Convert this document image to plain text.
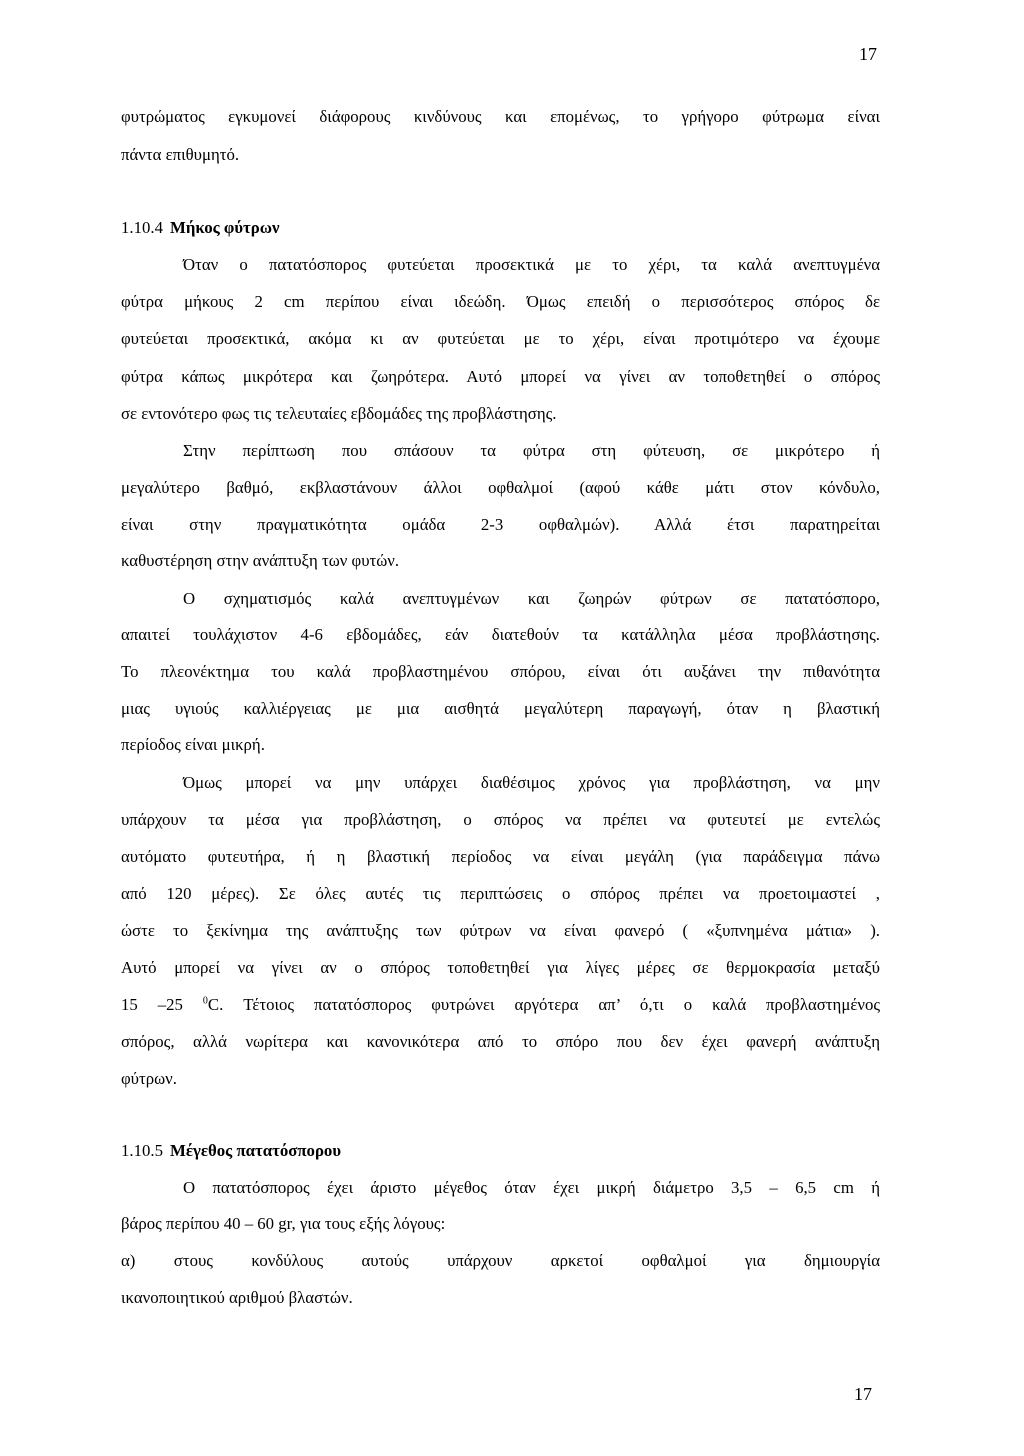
17
φυτρώματος εγκυμονεί διάφορους κινδύνους και επομένως, το γρήγορο φύτρωμα είναι
πάντα επιθυμητό.
1.10.4 Μήκος φύτρων
Όταν ο πατατόσπορος φυτεύεται προσεκτικά με το χέρι, τα καλά ανεπτυγμένα
φύτρα μήκους 2 cm περίπου είναι ιδεώδη. Όμως επειδή ο περισσότερος σπόρος δε
φυτεύεται προσεκτικά, ακόμα κι αν φυτεύεται με το χέρι, είναι προτιμότερο να έχουμε
φύτρα κάπως μικρότερα και ζωηρότερα. Αυτό μπορεί να γίνει αν τοποθετηθεί ο σπόρος
σε εντονότερο φως τις τελευταίες εβδομάδες της προβλάστησης.
Στην περίπτωση που σπάσουν τα φύτρα στη φύτευση, σε μικρότερο ή
μεγαλύτερο βαθμό, εκβλαστάνουν άλλοι οφθαλμοί (αφού κάθε μάτι στον κόνδυλο,
είναι στην πραγματικότητα ομάδα 2-3 οφθαλμών). Αλλά έτσι παρατηρείται
καθυστέρηση στην ανάπτυξη των φυτών.
Ο σχηματισμός καλά ανεπτυγμένων και ζωηρών φύτρων σε πατατόσπορο,
απαιτεί τουλάχιστον 4-6 εβδομάδες, εάν διατεθούν τα κατάλληλα μέσα προβλάστησης.
Το πλεονέκτημα του καλά προβλαστημένου σπόρου, είναι ότι αυξάνει την πιθανότητα
μιας υγιούς καλλιέργειας με μια αισθητά μεγαλύτερη παραγωγή, όταν η βλαστική
περίοδος είναι μικρή.
Όμως μπορεί να μην υπάρχει διαθέσιμος χρόνος για προβλάστηση, να μην
υπάρχουν τα μέσα για προβλάστηση, ο σπόρος να πρέπει να φυτευτεί με εντελώς
αυτόματο φυτευτήρα, ή η βλαστική περίοδος να είναι μεγάλη (για παράδειγμα πάνω
από 120 μέρες). Σε όλες αυτές τις περιπτώσεις ο σπόρος πρέπει να προετοιμαστεί ,
ώστε το ξεκίνημα της ανάπτυξης των φύτρων να είναι φανερό ( «ξυπνημένα μάτια» ).
Αυτό μπορεί να γίνει αν ο σπόρος τοποθετηθεί για λίγες μέρες σε θερμοκρασία μεταξύ
15 –25 $^0$C. Τέτοιος πατατόσπορος φυτρώνει αργότερα απ’ ό,τι ο καλά προβλαστημένος
σπόρος, αλλά νωρίτερα και κανονικότερα από το σπόρο που δεν έχει φανερή ανάπτυξη
φύτρων.
1.10.5 Μέγεθος πατατόσπορου
Ο πατατόσπορος έχει άριστο μέγεθος όταν έχει μικρή διάμετρο 3,5 – 6,5 cm ή
βάρος περίπου 40 – 60 gr, για τους εξής λόγους:
α) στους κονδύλους αυτούς υπάρχουν αρκετοί οφθαλμοί για δημιουργία
ικανοποιητικού αριθμού βλαστών.
17
